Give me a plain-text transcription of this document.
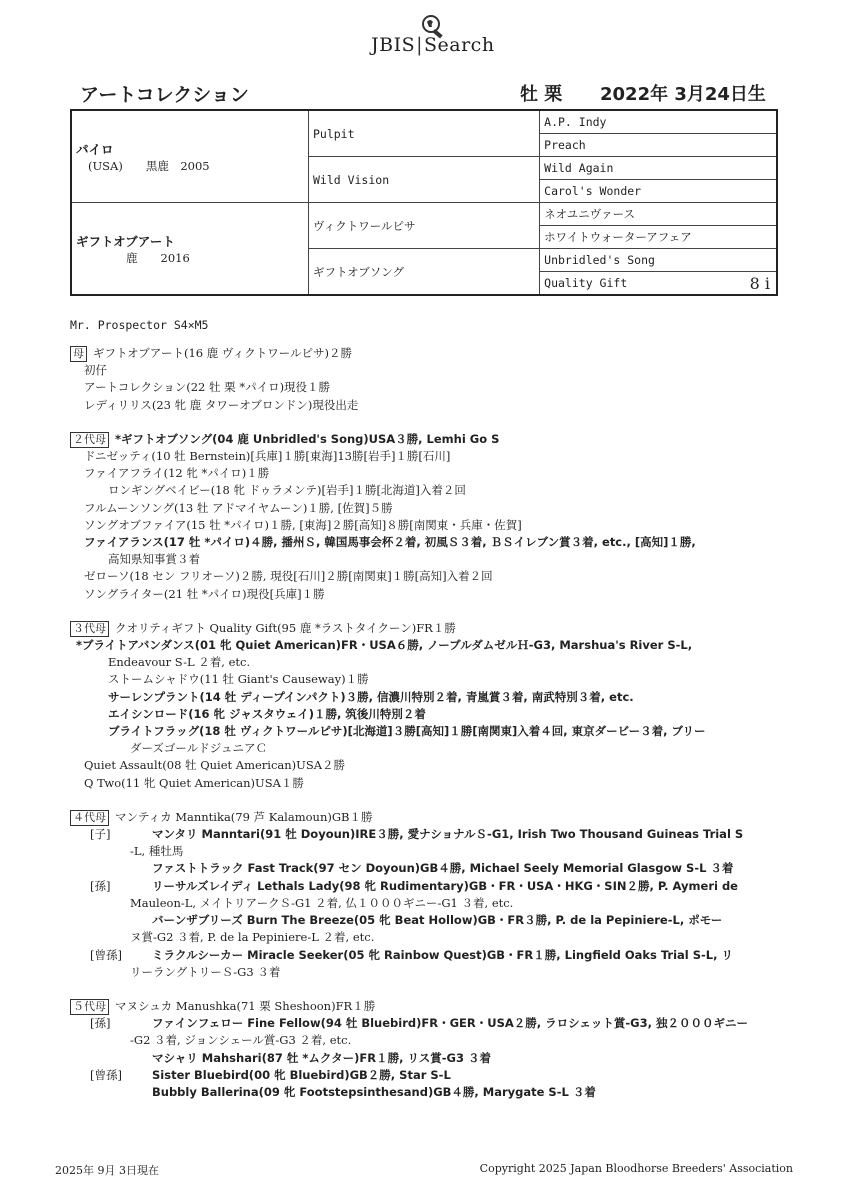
JBIS|Search
アートコレクション	牡 栗 2022年 3月24日生
パイロ
(USA)　　黒鹿　2005	Pulpit	A.P. Indy
		Preach
	Wild Vision	Wild Again
		Carol's Wonder

ギフトオブアート
鹿　　2016	ヴィクトワールピサ	ネオユニヴァース
		ホワイトウォーターアフェア
	ギフトオブソング	Unbridled's Song
		Quality Gift 8 i
Mr. Prospector S4×M5
母 ギフトオブアート(16 鹿 ヴィクトワールピサ)２勝
初仔
アートコレクション(22 牡 栗 *パイロ)現役１勝
レディリリス(23 牝 鹿 タワーオブロンドン)現役出走
２代母 *ギフトオブソング(04 鹿 Unbridled's Song)USA３勝, Lemhi Go S
ドニゼッティ(10 牡 Bernstein)[兵庫]１勝[東海]13勝[岩手]１勝[石川]
ファイアフライ(12 牝 *パイロ)１勝
ロンギングベイビー(18 牝 ドゥラメンテ)[岩手]１勝[北海道]入着２回
フルムーンソング(13 牡 アドマイヤムーン)１勝, [佐賀]５勝
ソングオブファイア(15 牡 *パイロ)１勝, [東海]２勝[高知]８勝[南関東・兵庫・佐賀]
ファイアランス(17 牡 *パイロ)４勝, 播州Ｓ, 韓国馬事会杯２着, 初風Ｓ３着, ＢＳイレブン賞３着, etc., [高知]１勝,
高知県知事賞３着
ゼローソ(18 セン フリオーソ)２勝, 現役[石川]２勝[南関東]１勝[高知]入着２回
ソングライター(21 牡 *パイロ)現役[兵庫]１勝
３代母 クオリティギフト Quality Gift(95 鹿 *ラストタイクーン)FR１勝
*ブライトアバンダンス(01 牝 Quiet American)FR・USA６勝, ノーブルダムゼルＨ-G3, Marshua's River S-L,
Endeavour S-L ２着, etc.
ストームシャドウ(11 牡 Giant's Causeway)１勝
サーレンプラント(14 牡 ディープインパクト)３勝, 信濃川特別２着, 青嵐賞３着, 南武特別３着, etc.
エイシンロード(16 牝 ジャスタウェイ)１勝, 筑後川特別２着
ブライトフラッグ(18 牡 ヴィクトワールピサ)[北海道]３勝[高知]１勝[南関東]入着４回, 東京ダービー３着, ブリー
ダーズゴールドジュニアＣ
Quiet Assault(08 牡 Quiet American)USA２勝
Q Two(11 牝 Quiet American)USA１勝
４代母 マンティカ Manntika(79 芦 Kalamoun)GB１勝
[子]	マンタリ Manntari(91 牡 Doyoun)IRE３勝, 愛ナショナルＳ-G1, Irish Two Thousand Guineas Trial S
-L, 種牡馬
ファストトラック Fast Track(97 セン Doyoun)GB４勝, Michael Seely Memorial Glasgow S-L ３着
[孫]	リーサルズレイディ Lethals Lady(98 牝 Rudimentary)GB・FR・USA・HKG・SIN２勝, P. Aymeri de
Mauleon-L, メイトリアークＳ-G1 ２着, 仏１０００ギニー-G1 ３着, etc.
バーンザブリーズ Burn The Breeze(05 牝 Beat Hollow)GB・FR３勝, P. de la Pepiniere-L, ポモー
ヌ賞-G2 ３着, P. de la Pepiniere-L ２着, etc.
[曾孫]	ミラクルシーカー Miracle Seeker(05 牝 Rainbow Quest)GB・FR１勝, Lingfield Oaks Trial S-L, リ
リーラングトリーＳ-G3 ３着
５代母 マヌシュカ Manushka(71 栗 Sheshoon)FR１勝
[孫]	ファインフェロー Fine Fellow(94 牡 Bluebird)FR・GER・USA２勝, ラロシェット賞-G3, 独２０００ギニー
-G2 ３着, ジョンシェール賞-G3 ２着, etc.
マシャリ Mahshari(87 牡 *ムクター)FR１勝, リス賞-G3 ３着
[曾孫]	Sister Bluebird(00 牝 Bluebird)GB２勝, Star S-L
Bubbly Ballerina(09 牝 Footstepsinthesand)GB４勝, Marygate S-L ３着
2025年 9月 3日現在	Copyright 2025 Japan Bloodhorse Breeders' Association
